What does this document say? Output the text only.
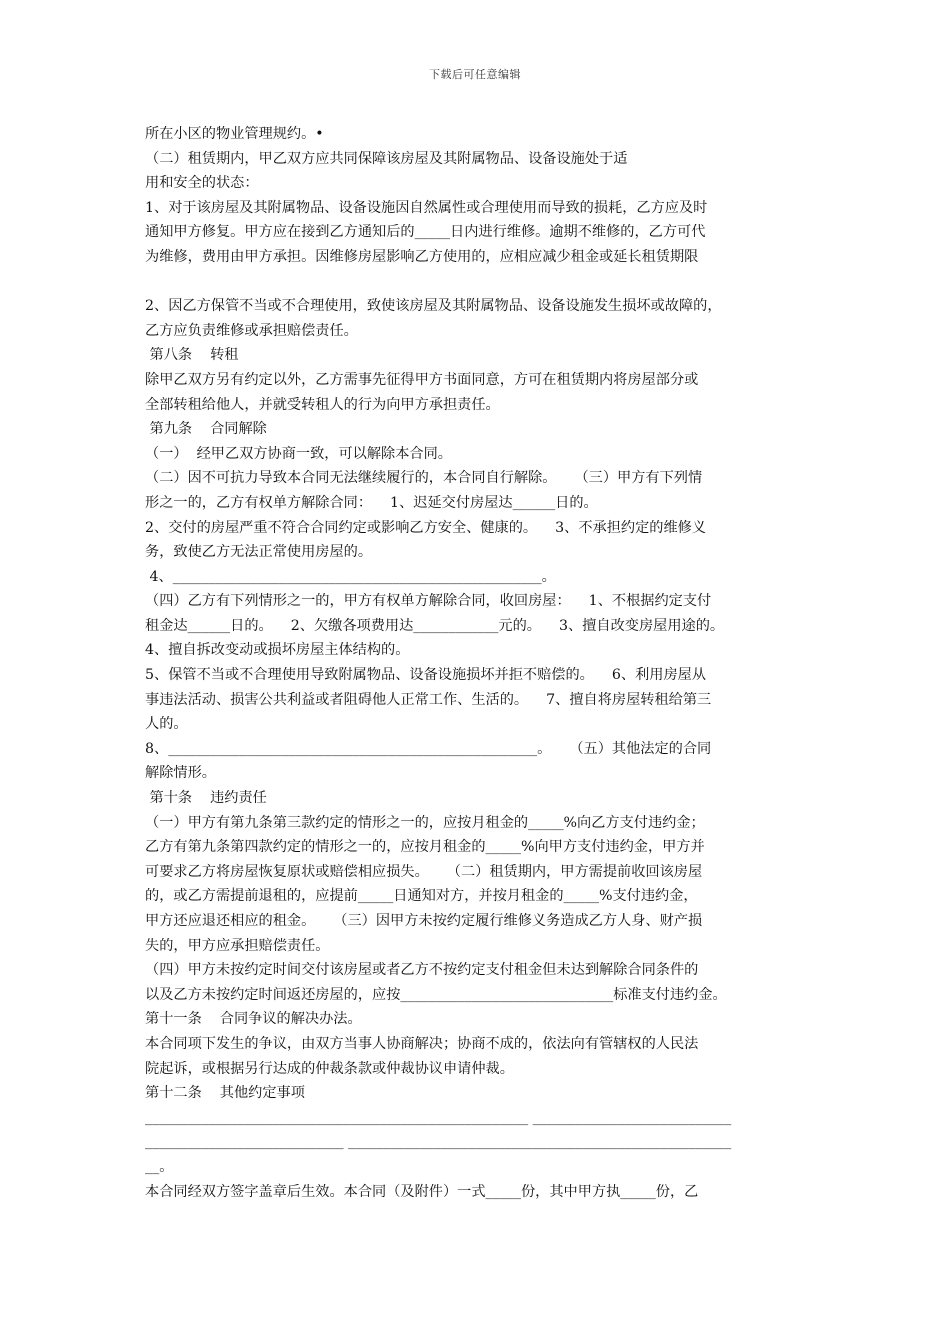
下载后可任意编辑
所在小区的物业管理规约。•
（二）租赁期内，甲乙双方应共同保障该房屋及其附属物品、设备设施处于适
用和安全的状态：
1、对于该房屋及其附属物品、设备设施因自然属性或合理使用而导致的损耗，乙方应及时
通知甲方修复。甲方应在接到乙方通知后的_____日内进行维修。逾期不维修的，乙方可代
为维修，费用由甲方承担。因维修房屋影响乙方使用的，应相应减少租金或延长租赁期限
2、因乙方保管不当或不合理使用，致使该房屋及其附属物品、设备设施发生损坏或故障的，
乙方应负责维修或承担赔偿责任。
第八条    转租
除甲乙双方另有约定以外，乙方需事先征得甲方书面同意，方可在租赁期内将房屋部分或
全部转租给他人，并就受转租人的行为向甲方承担责任。
第九条    合同解除
（一）  经甲乙双方协商一致，可以解除本合同。
（二）因不可抗力导致本合同无法继续履行的，本合同自行解除。    （三）甲方有下列情
形之一的，乙方有权单方解除合同：    1、迟延交付房屋达______日的。
2、交付的房屋严重不符合合同约定或影响乙方安全、健康的。    3、不承担约定的维修义
务，致使乙方无法正常使用房屋的。
4、____________________________________________________。
（四）乙方有下列情形之一的，甲方有权单方解除合同，收回房屋：    1、不根据约定支付
租金达______日的。    2、欠缴各项费用达____________元的。    3、擅自改变房屋用途的。
4、擅自拆改变动或损坏房屋主体结构的。
5、保管不当或不合理使用导致附属物品、设备设施损坏并拒不赔偿的。    6、利用房屋从
事违法活动、损害公共利益或者阻碍他人正常工作、生活的。    7、擅自将房屋转租给第三
人的。
8、____________________________________________________。    （五）其他法定的合同
解除情形。
第十条    违约责任
（一）甲方有第九条第三款约定的情形之一的，应按月租金的_____%向乙方支付违约金；
乙方有第九条第四款约定的情形之一的，应按月租金的_____%向甲方支付违约金，甲方并
可要求乙方将房屋恢复原状或赔偿相应损失。    （二）租赁期内，甲方需提前收回该房屋
的，或乙方需提前退租的，应提前_____日通知对方，并按月租金的_____%支付违约金，
甲方还应退还相应的租金。    （三）因甲方未按约定履行维修义务造成乙方人身、财产损
失的，甲方应承担赔偿责任。
（四）甲方未按约定时间交付该房屋或者乙方不按约定支付租金但未达到解除合同条件的
以及乙方未按约定时间返还房屋的，应按______________________________标准支付违约金。
第十一条    合同争议的解决办法。
本合同项下发生的争议，由双方当事人协商解决；协商不成的，依法向有管辖权的人民法
院起诉，或根据另行达成的仲裁条款或仲裁协议申请仲裁。
第十二条    其他约定事项
______________________________________________________ ____________________________
____________________________ ______________________________________________________
__。
本合同经双方签字盖章后生效。本合同（及附件）一式_____份，其中甲方执_____份，乙
